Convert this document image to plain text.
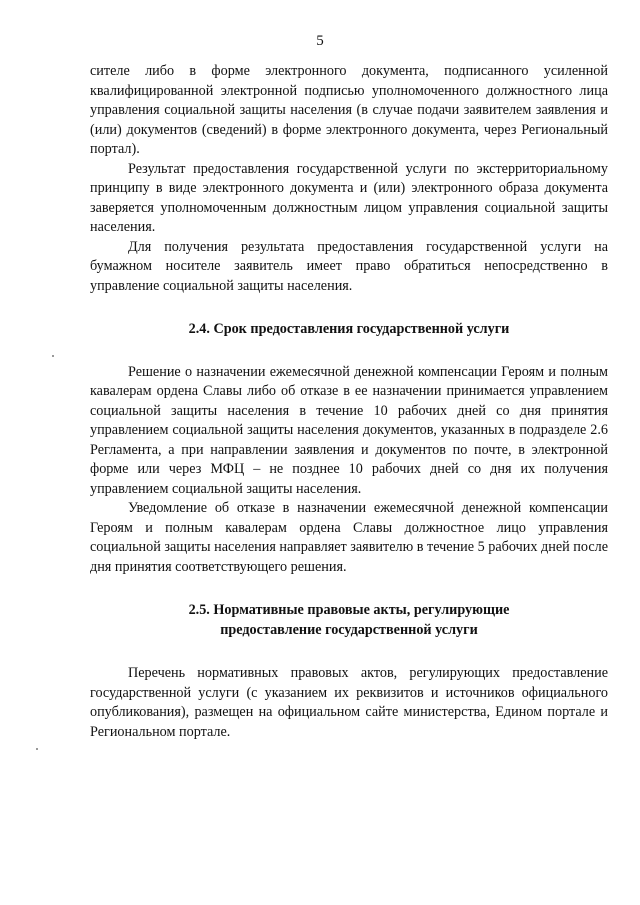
5

сителе либо в форме электронного документа, подписанного усиленной квалифицированной электронной подписью уполномоченного должностного лица управления социальной защиты населения (в случае подачи заявителем заявления и (или) документов (сведений) в форме электронного документа, через Региональный портал).

Результат предоставления государственной услуги по экстерриториальному принципу в виде электронного документа и (или) электронного образа документа заверяется уполномоченным должностным лицом управления социальной защиты населения.

Для получения результата предоставления государственной услуги на бумажном носителе заявитель имеет право обратиться непосредственно в управление социальной защиты населения.

2.4. Срок предоставления государственной услуги

Решение о назначении ежемесячной денежной компенсации Героям и полным кавалерам ордена Славы либо об отказе в ее назначении принимается управлением социальной защиты населения в течение 10 рабочих дней со дня принятия управлением социальной защиты населения документов, указанных в подразделе 2.6 Регламента, а при направлении заявления и документов по почте, в электронной форме или через МФЦ – не позднее 10 рабочих дней со дня их получения управлением социальной защиты населения.

Уведомление об отказе в назначении ежемесячной денежной компенсации Героям и полным кавалерам ордена Славы должностное лицо управления социальной защиты населения направляет заявителю в течение 5 рабочих дней после дня принятия соответствующего решения.

2.5. Нормативные правовые акты, регулирующие
предоставление государственной услуги

Перечень нормативных правовых актов, регулирующих предоставление государственной услуги (с указанием их реквизитов и источников официального опубликования), размещен на официальном сайте министерства, Едином портале и Региональном портале.
